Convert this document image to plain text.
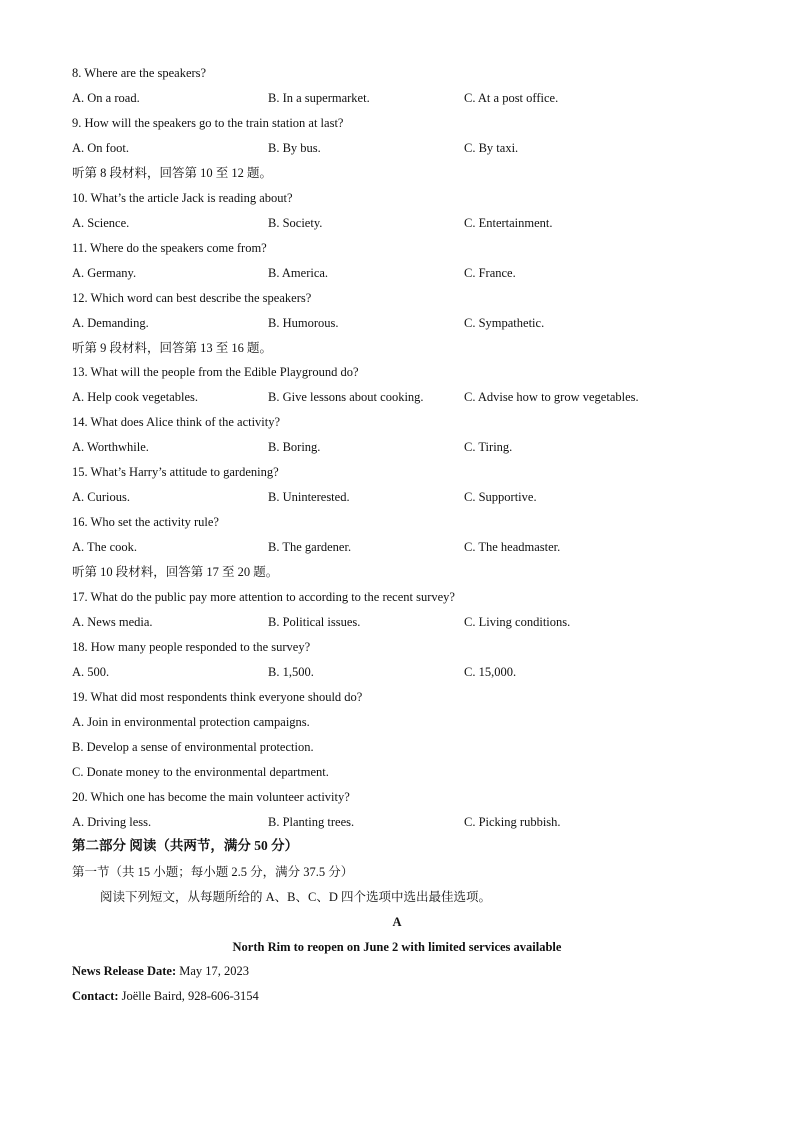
8. Where are the speakers?
A. On a road.	B. In a supermarket.	C. At a post office.
9. How will the speakers go to the train station at last?
A. On foot.	B. By bus.	C. By taxi.
听第 8 段材料，回答第 10 至 12 题。
10. What’s the article Jack is reading about?
A. Science.	B. Society.	C. Entertainment.
11. Where do the speakers come from?
A. Germany.	B. America.	C. France.
12. Which word can best describe the speakers?
A. Demanding.	B. Humorous.	C. Sympathetic.
听第 9 段材料，回答第 13 至 16 题。
13. What will the people from the Edible Playground do?
A. Help cook vegetables.	B. Give lessons about cooking.	C. Advise how to grow vegetables.
14. What does Alice think of the activity?
A. Worthwhile.	B. Boring.	C. Tiring.
15. What’s Harry’s attitude to gardening?
A. Curious.	B. Uninterested.	C. Supportive.
16. Who set the activity rule?
A. The cook.	B. The gardener.	C. The headmaster.
听第 10 段材料，回答第 17 至 20 题。
17. What do the public pay more attention to according to the recent survey?
A. News media.	B. Political issues.	C. Living conditions.
18. How many people responded to the survey?
A. 500.	B. 1,500.	C. 15,000.
19. What did most respondents think everyone should do?
A. Join in environmental protection campaigns.
B. Develop a sense of environmental protection.
C. Donate money to the environmental department.
20. Which one has become the main volunteer activity?
A. Driving less.	B. Planting trees.	C. Picking rubbish.
第二部分 阅读（共两节，满分 50 分）
第一节（共 15 小题；每小题 2.5 分，满分 37.5 分）
阅读下列短文，从每题所给的 A、B、C、D 四个选项中选出最佳选项。
A
North Rim to reopen on June 2 with limited services available
News Release Date: May 17, 2023
Contact: Joëlle Baird, 928-606-3154
